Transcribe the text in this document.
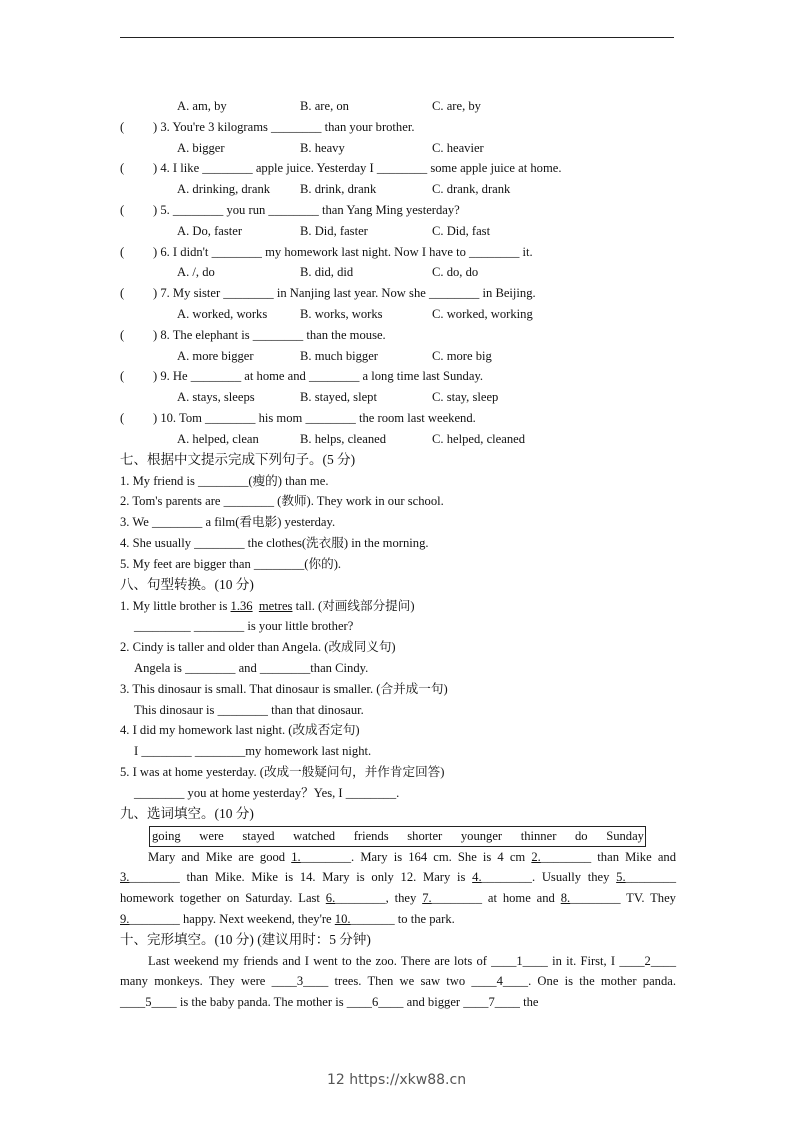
A. am, by	B. are, on	C. are, by
(	) 3. You're 3 kilograms ________ than your brother.
A. bigger	B. heavy	C. heavier
(	) 4. I like ________ apple juice. Yesterday I ________ some apple juice at home.
A. drinking, drank	B. drink, drank	C. drank, drank
(	) 5. ________ you run ________ than Yang Ming yesterday?
A. Do, faster	B. Did, faster	C. Did, fast
(	) 6. I didn't ________ my homework last night. Now I have to ________ it.
A. /, do	B. did, did	C. do, do
(	) 7. My sister ________ in Nanjing last year. Now she ________ in Beijing.
A. worked, works	B. works, works	C. worked, working
(	) 8. The elephant is ________ than the mouse.
A. more bigger	B. much bigger	C. more big
(	) 9. He ________ at home and ________ a long time last Sunday.
A. stays, sleeps	B. stayed, slept	C. stay, sleep
(	) 10. Tom ________ his mom ________ the room last weekend.
A. helped, clean	B. helps, cleaned	C. helped, cleaned
七、根据中文提示完成下列句子。(5 分)
1. My friend is ________(瘦的) than me.
2. Tom's parents are ________ (教师). They work in our school.
3. We ________ a film(看电影) yesterday.
4. She usually ________ the clothes(洗衣服) in the morning.
5. My feet are bigger than ________(你的).
八、句型转换。(10 分)
1. My little brother is 1.36 metres tall. (对画线部分提问)
_________ ________ is your little brother?
2. Cindy is taller and older than Angela. (改成同义句)
Angela is ________ and ________than Cindy.
3. This dinosaur is small. That dinosaur is smaller. (合并成一句)
This dinosaur is ________ than that dinosaur.
4. I did my homework last night. (改成否定句)
I ________ ________my homework last night.
5. I was at home yesterday. (改成一般疑问句，并作肯定回答)
________ you at home yesterday？Yes, I ________.
九、选词填空。(10 分)
going were stayed watched friends shorter younger thinner do Sunday
Mary and Mike are good 1.________. Mary is 164 cm. She is 4 cm 2.________ than Mike and 3.________ than Mike. Mike is 14. Mary is only 12. Mary is 4.________. Usually they 5.________ homework together on Saturday. Last 6.________, they 7.________ at home and 8.________ TV. They 9.________ happy. Next weekend, they're 10._______ to the park.
十、完形填空。(10 分) (建议用时：5 分钟)
Last weekend my friends and I went to the zoo. There are lots of ____1____ in it. First, I ____2____ many monkeys. They were ____3____ trees. Then we saw two ____4____. One is the mother panda. ____5____ is the baby panda. The mother is ____6____ and bigger ____7____ the
12 https://xkw88.cn
